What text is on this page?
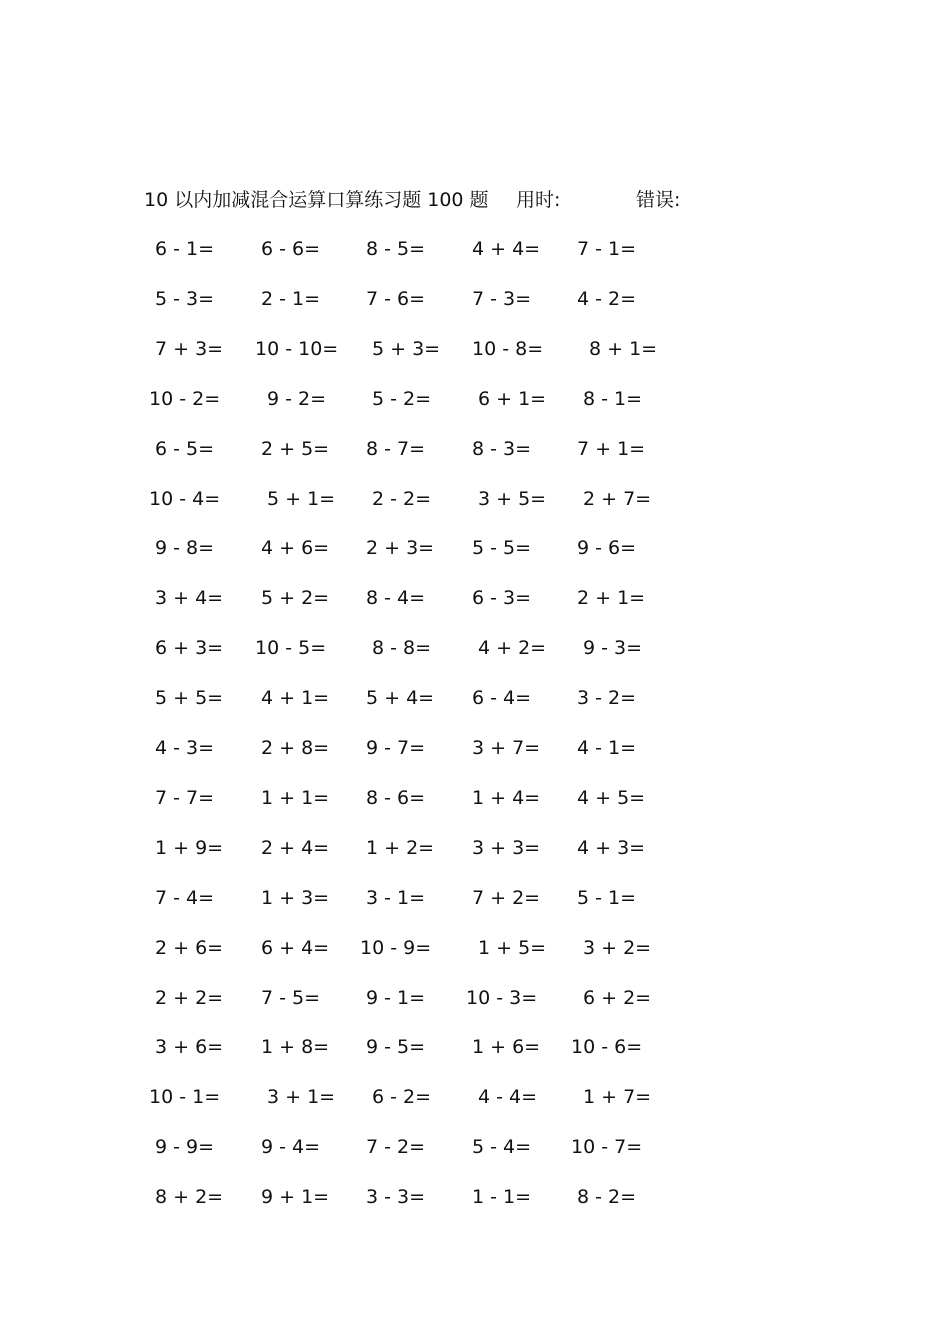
10 以内加减混合运算口算练习题 100 题 用时:	错误:
6 - 1= 6 - 6= 8 - 5= 4 + 4= 7 - 1=
5 - 3= 2 - 1= 7 - 6= 7 - 3= 4 - 2=
7 + 3= 10 - 10= 5 + 3= 10 - 8= 8 + 1=
10 - 2= 9 - 2= 5 - 2= 6 + 1= 8 - 1=
6 - 5= 2 + 5= 8 - 7= 8 - 3= 7 + 1=
10 - 4= 5 + 1= 2 - 2= 3 + 5= 2 + 7=
9 - 8= 4 + 6= 2 + 3= 5 - 5= 9 - 6=
3 + 4= 5 + 2= 8 - 4= 6 - 3= 2 + 1=
6 + 3= 10 - 5= 8 - 8= 4 + 2= 9 - 3=
5 + 5= 4 + 1= 5 + 4= 6 - 4= 3 - 2=
4 - 3= 2 + 8= 9 - 7= 3 + 7= 4 - 1=
7 - 7= 1 + 1= 8 - 6= 1 + 4= 4 + 5=
1 + 9= 2 + 4= 1 + 2= 3 + 3= 4 + 3=
7 - 4= 1 + 3= 3 - 1= 7 + 2= 5 - 1=
2 + 6= 6 + 4= 10 - 9= 1 + 5= 3 + 2=
2 + 2= 7 - 5= 9 - 1= 10 - 3= 6 + 2=
3 + 6= 1 + 8= 9 - 5= 1 + 6= 10 - 6=
10 - 1= 3 + 1= 6 - 2= 4 - 4= 1 + 7=
9 - 9= 9 - 4= 7 - 2= 5 - 4= 10 - 7=
8 + 2= 9 + 1= 3 - 3= 1 - 1= 8 - 2=
